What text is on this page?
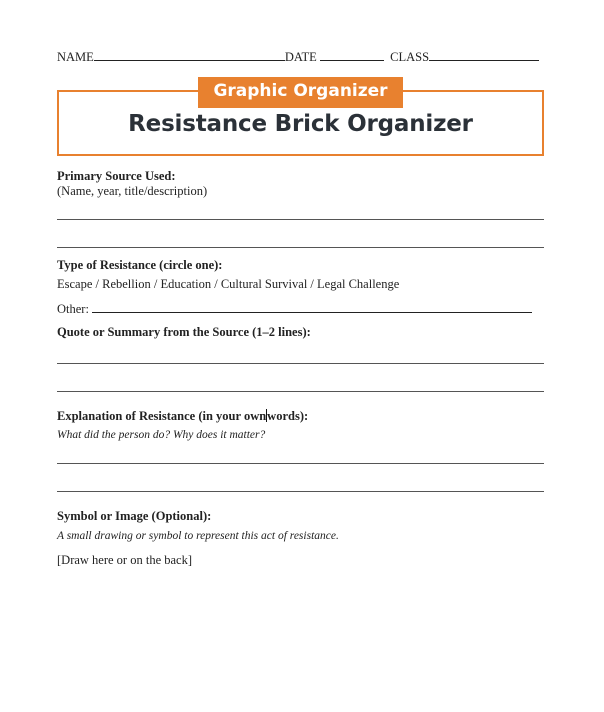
NAME	DATE	CLASS
Graphic Organizer
Resistance Brick Organizer
Primary Source Used:
(Name, year, title/description)
Type of Resistance (circle one):
Escape / Rebellion / Education / Cultural Survival / Legal Challenge
Other:
Quote or Summary from the Source (1–2 lines):
Explanation of Resistance (in your ownwords):
What did the person do? Why does it matter?
Symbol or Image (Optional):
A small drawing or symbol to represent this act of resistance.
[Draw here or on the back]
